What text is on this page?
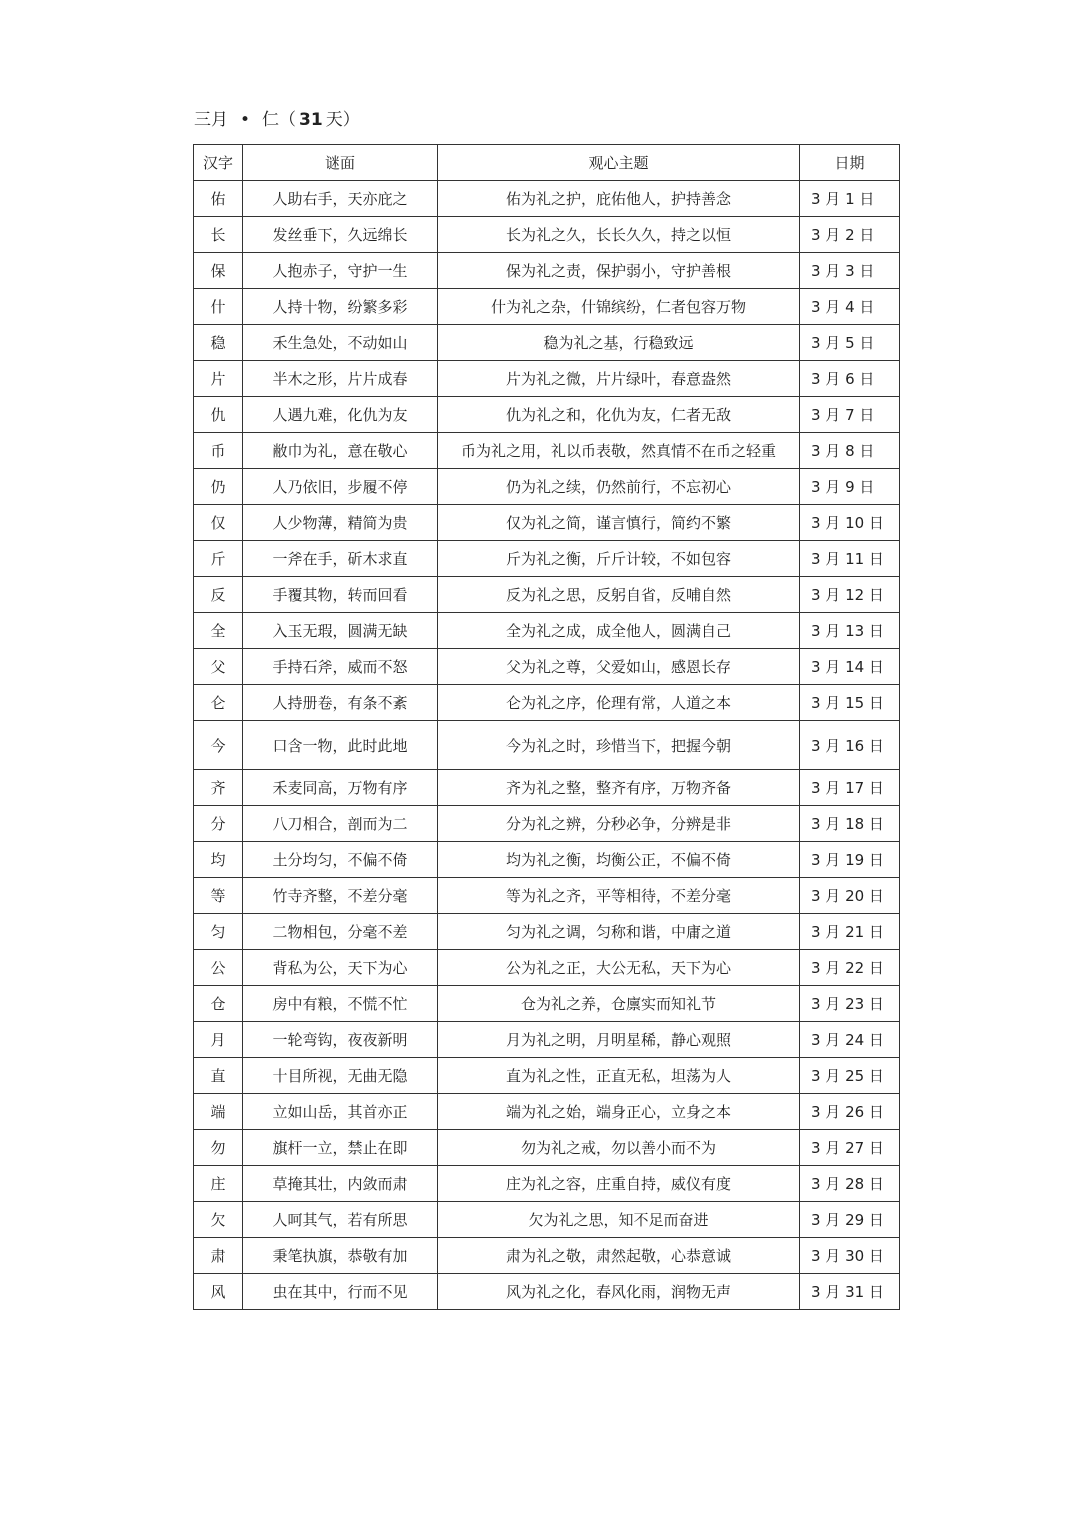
三月 • 仁（ 31 天）
汉字	谜面	观心主题	日期
佑	人助右手，天亦庇之	佑为礼之护，庇佑他人，护持善念	3 月 1 日
长	发丝垂下，久远绵长	长为礼之久，长长久久，持之以恒	3 月 2 日
保	人抱赤子，守护一生	保为礼之责，保护弱小，守护善根	3 月 3 日
什	人持十物，纷繁多彩	什为礼之杂，什锦缤纷，仁者包容万物	3 月 4 日
稳	禾生急处，不动如山	稳为礼之基，行稳致远	3 月 5 日
片	半木之形，片片成春	片为礼之微，片片绿叶，春意盎然	3 月 6 日
仇	人遇九难，化仇为友	仇为礼之和，化仇为友，仁者无敌	3 月 7 日
币	敝巾为礼，意在敬心	币为礼之用，礼以币表敬，然真情不在币之轻重	3 月 8 日
仍	人乃依旧，步履不停	仍为礼之续，仍然前行，不忘初心	3 月 9 日
仅	人少物薄，精简为贵	仅为礼之简，谨言慎行，简约不繁	3 月 10 日
斤	一斧在手，斫木求直	斤为礼之衡，斤斤计较，不如包容	3 月 11 日
反	手覆其物，转而回看	反为礼之思，反躬自省，反哺自然	3 月 12 日
全	入玉无瑕，圆满无缺	全为礼之成，成全他人，圆满自己	3 月 13 日
父	手持石斧，威而不怒	父为礼之尊，父爱如山，感恩长存	3 月 14 日
仑	人持册卷，有条不紊	仑为礼之序，伦理有常，人道之本	3 月 15 日
今	口含一物，此时此地	今为礼之时，珍惜当下，把握今朝	3 月 16 日
齐	禾麦同高，万物有序	齐为礼之整，整齐有序，万物齐备	3 月 17 日
分	八刀相合，剖而为二	分为礼之辨，分秒必争，分辨是非	3 月 18 日
均	土分均匀，不偏不倚	均为礼之衡，均衡公正，不偏不倚	3 月 19 日
等	竹寺齐整，不差分毫	等为礼之齐，平等相待，不差分毫	3 月 20 日
匀	二物相包，分毫不差	匀为礼之调，匀称和谐，中庸之道	3 月 21 日
公	背私为公，天下为心	公为礼之正，大公无私，天下为心	3 月 22 日
仓	房中有粮，不慌不忙	仓为礼之养，仓廪实而知礼节	3 月 23 日
月	一轮弯钩，夜夜新明	月为礼之明，月明星稀，静心观照	3 月 24 日
直	十目所视，无曲无隐	直为礼之性，正直无私，坦荡为人	3 月 25 日
端	立如山岳，其首亦正	端为礼之始，端身正心，立身之本	3 月 26 日
勿	旗杆一立，禁止在即	勿为礼之戒，勿以善小而不为	3 月 27 日
庄	草掩其壮，内敛而肃	庄为礼之容，庄重自持，威仪有度	3 月 28 日
欠	人呵其气，若有所思	欠为礼之思，知不足而奋进	3 月 29 日
肃	秉笔执旗，恭敬有加	肃为礼之敬，肃然起敬，心恭意诚	3 月 30 日
风	虫在其中，行而不见	风为礼之化，春风化雨，润物无声	3 月 31 日
